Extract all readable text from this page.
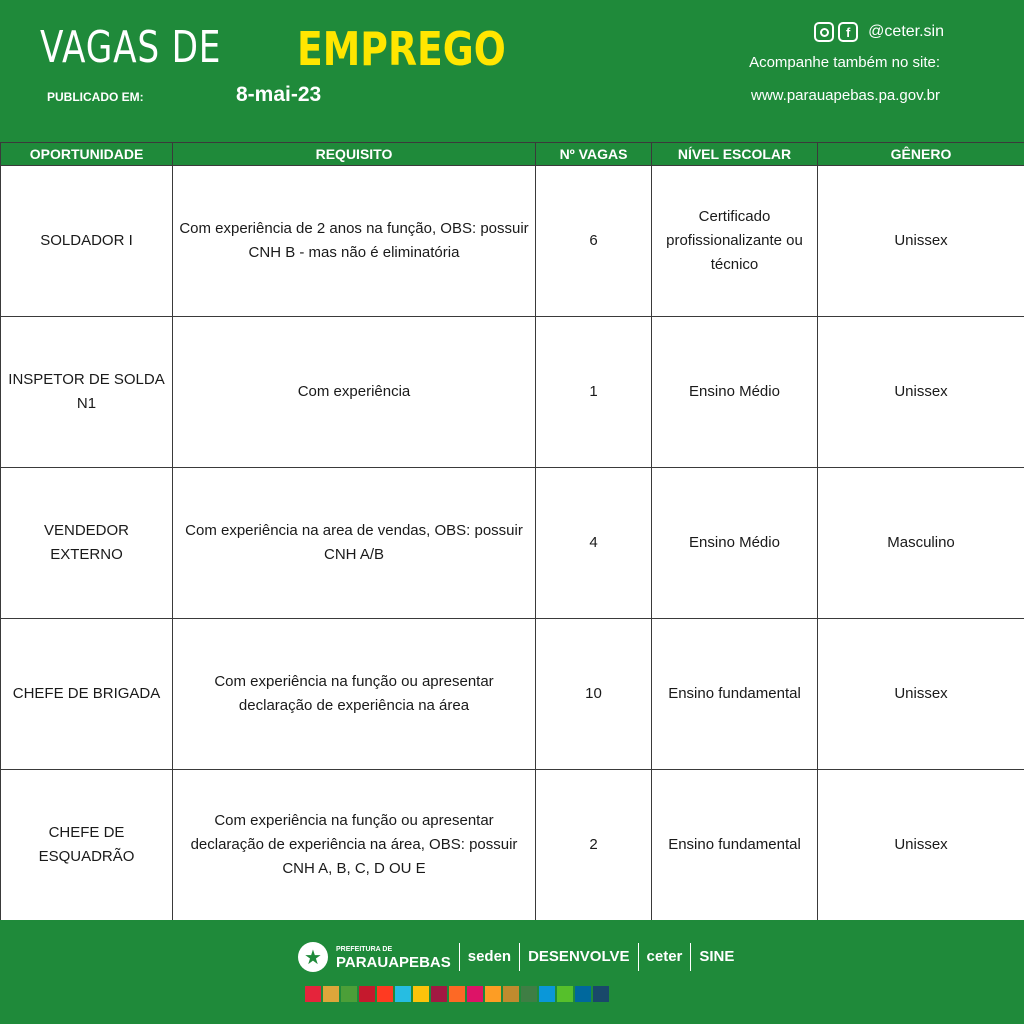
VAGAS DE EMPREGO
PUBLICADO EM:	8-mai-23
f	@ceter.sin
Acompanhe também no site:
www.parauapebas.pa.gov.br
OPORTUNIDADE	REQUISITO	Nº VAGAS	NÍVEL ESCOLAR	GÊNERO
SOLDADOR I	Com experiência de 2 anos na função, OBS: possuir CNH B - mas não é eliminatória	6	Certificado profissionalizante ou técnico	Unissex
INSPETOR DE SOLDA N1	Com experiência	1	Ensino Médio	Unissex
VENDEDOR EXTERNO	Com experiência na area de vendas, OBS: possuir CNH A/B	4	Ensino Médio	Masculino
CHEFE DE BRIGADA	Com experiência na função ou apresentar declaração de experiência na área	10	Ensino fundamental	Unissex
CHEFE DE ESQUADRÃO	Com experiência na função ou apresentar declaração de experiência na área, OBS: possuir CNH A, B, C, D OU E	2	Ensino fundamental	Unissex
★	PREFEITURA DE
PARAUAPEBAS seden DESENVOLVE ceter SINE
